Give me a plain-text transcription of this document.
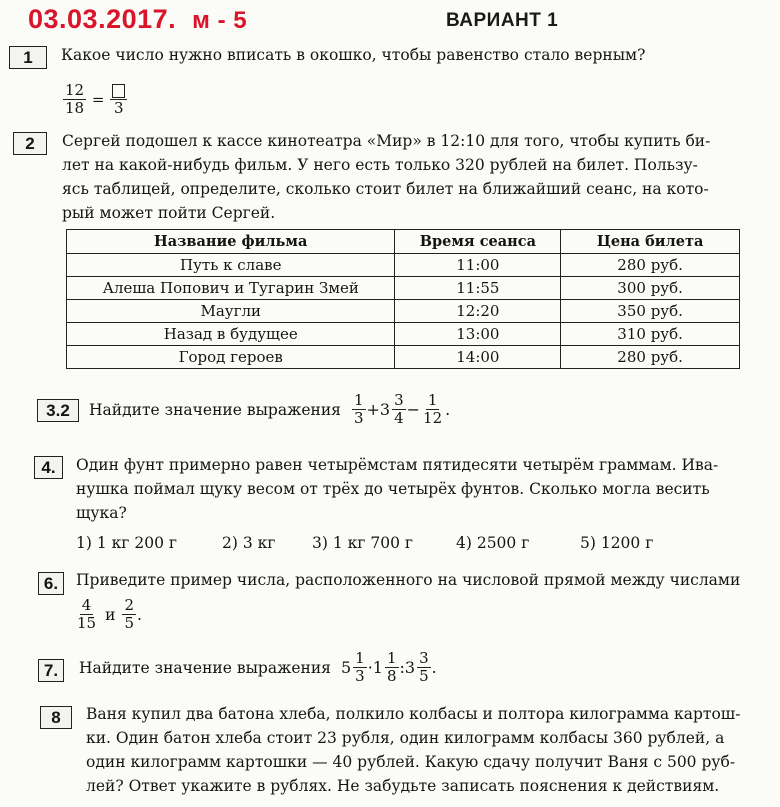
03.03.2017. м - 5	ВАРИАНТ 1
1	Какое число нужно вписать в окошко, чтобы равенство стало верным?
$\frac{12}{18} = 3$
2	Сергей подошел к кассе кинотеатра «Мир» в 12:10 для того, чтобы купить би-
лет на какой-нибудь фильм. У него есть только 320 рублей на билет. Пользу-
ясь таблицей, определите, сколько стоит билет на ближайший сеанс, на кото-
рый может пойти Сергей.
Название фильма	Время сеанса	Цена билета
Путь к славе	11:00	280 руб.
Алеша Попович и Тугарин Змей	11:55	300 руб.
Маугли	12:20	350 руб.
Назад в будущее	13:00	310 руб.
Город героев	14:00	280 руб.
3.2	Найдите значение выражения $\frac{1}{3} + 3 \frac{3}{4} - \frac{1}{12}$ .
4.	Один фунт примерно равен четырёмстам пятидесяти четырём граммам. Ива-
нушка поймал щуку весом от трёх до четырёх фунтов. Сколько могла весить
щука?
1) 1 кг 200 г	2) 3 кг 3) 1 кг 700 г	4) 2500 г	5) 1200 г
6.	Приведите пример числа, расположенного на числовой прямой между числами
$\frac{4}{15}$ и $\frac{2}{5}$ .
7.	Найдите значение выражения $5 \frac{1}{3} \cdot 1 \frac{1}{8}$ : $3 \frac{3}{5}$ .
8	Ваня купил два батона хлеба, полкило колбасы и полтора килограмма картош-
ки. Один батон хлеба стоит 23 рубля, один килограмм колбасы 360 рублей, а
один килограмм картошки — 40 рублей. Какую сдачу получит Ваня с 500 руб-
лей? Ответ укажите в рублях. Не забудьте записать пояснения к действиям.
